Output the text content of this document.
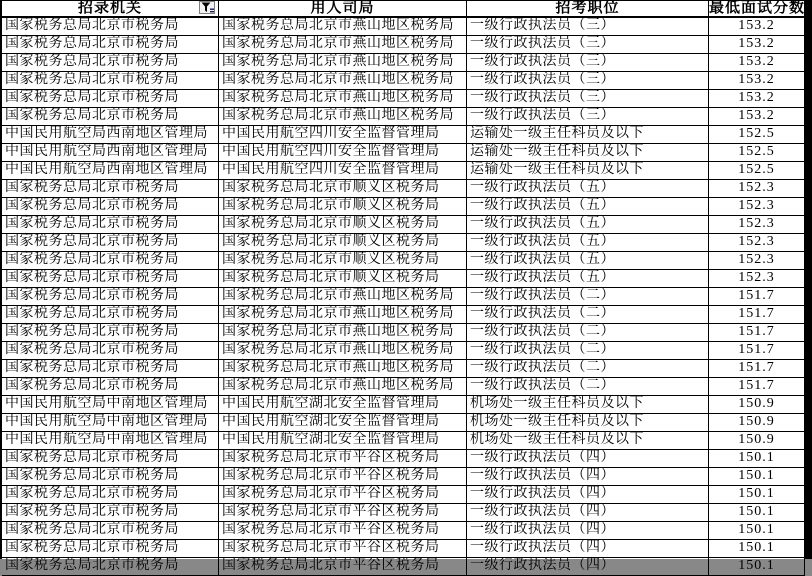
招录机关	用人司局	招考职位	最低面试分数
国家税务总局北京市税务局	国家税务总局北京市燕山地区税务局	一级行政执法员（三）	153.2
国家税务总局北京市税务局	国家税务总局北京市燕山地区税务局	一级行政执法员（三）	153.2
国家税务总局北京市税务局	国家税务总局北京市燕山地区税务局	一级行政执法员（三）	153.2
国家税务总局北京市税务局	国家税务总局北京市燕山地区税务局	一级行政执法员（三）	153.2
国家税务总局北京市税务局	国家税务总局北京市燕山地区税务局	一级行政执法员（三）	153.2
国家税务总局北京市税务局	国家税务总局北京市燕山地区税务局	一级行政执法员（三）	153.2
中国民用航空局西南地区管理局	中国民用航空四川安全监督管理局	运输处一级主任科员及以下	152.5
中国民用航空局西南地区管理局	中国民用航空四川安全监督管理局	运输处一级主任科员及以下	152.5
中国民用航空局西南地区管理局	中国民用航空四川安全监督管理局	运输处一级主任科员及以下	152.5
国家税务总局北京市税务局	国家税务总局北京市顺义区税务局	一级行政执法员（五）	152.3
国家税务总局北京市税务局	国家税务总局北京市顺义区税务局	一级行政执法员（五）	152.3
国家税务总局北京市税务局	国家税务总局北京市顺义区税务局	一级行政执法员（五）	152.3
国家税务总局北京市税务局	国家税务总局北京市顺义区税务局	一级行政执法员（五）	152.3
国家税务总局北京市税务局	国家税务总局北京市顺义区税务局	一级行政执法员（五）	152.3
国家税务总局北京市税务局	国家税务总局北京市顺义区税务局	一级行政执法员（五）	152.3
国家税务总局北京市税务局	国家税务总局北京市燕山地区税务局	一级行政执法员（二）	151.7
国家税务总局北京市税务局	国家税务总局北京市燕山地区税务局	一级行政执法员（二）	151.7
国家税务总局北京市税务局	国家税务总局北京市燕山地区税务局	一级行政执法员（二）	151.7
国家税务总局北京市税务局	国家税务总局北京市燕山地区税务局	一级行政执法员（二）	151.7
国家税务总局北京市税务局	国家税务总局北京市燕山地区税务局	一级行政执法员（二）	151.7
国家税务总局北京市税务局	国家税务总局北京市燕山地区税务局	一级行政执法员（二）	151.7
中国民用航空局中南地区管理局	中国民用航空湖北安全监督管理局	机场处一级主任科员及以下	150.9
中国民用航空局中南地区管理局	中国民用航空湖北安全监督管理局	机场处一级主任科员及以下	150.9
中国民用航空局中南地区管理局	中国民用航空湖北安全监督管理局	机场处一级主任科员及以下	150.9
国家税务总局北京市税务局	国家税务总局北京市平谷区税务局	一级行政执法员（四）	150.1
国家税务总局北京市税务局	国家税务总局北京市平谷区税务局	一级行政执法员（四）	150.1
国家税务总局北京市税务局	国家税务总局北京市平谷区税务局	一级行政执法员（四）	150.1
国家税务总局北京市税务局	国家税务总局北京市平谷区税务局	一级行政执法员（四）	150.1
国家税务总局北京市税务局	国家税务总局北京市平谷区税务局	一级行政执法员（四）	150.1
国家税务总局北京市税务局	国家税务总局北京市平谷区税务局	一级行政执法员（四）	150.1
国家税务总局北京市税务局	国家税务总局北京市平谷区税务局	一级行政执法员（四）	150.1
